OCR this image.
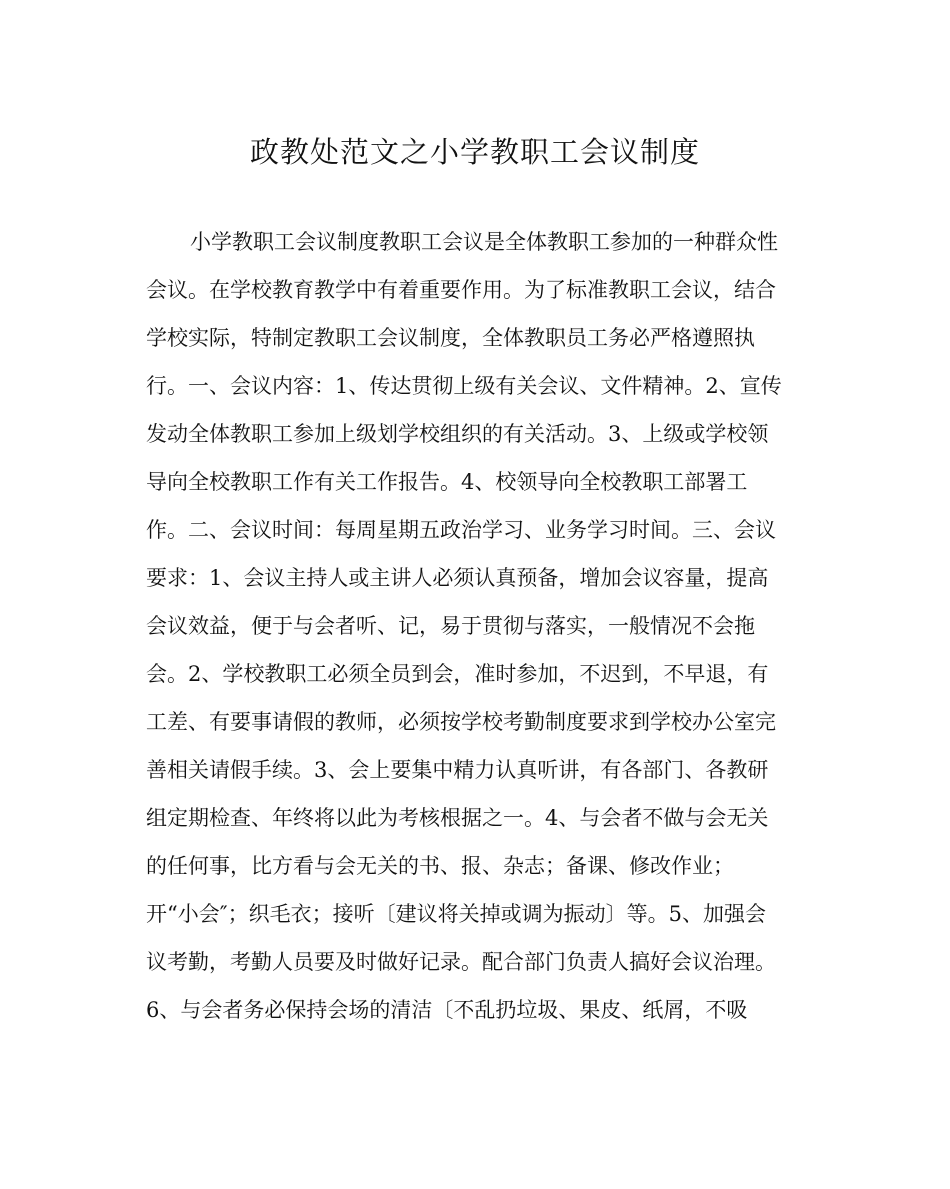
政教处范文之小学教职工会议制度
小学教职工会议制度教职工会议是全体教职工参加的一种群众性
会议。在学校教育教学中有着重要作用。为了标准教职工会议，结合
学校实际，特制定教职工会议制度，全体教职员工务必严格遵照执
行。一、会议内容：1、传达贯彻上级有关会议、文件精神。2、宣传
发动全体教职工参加上级划学校组织的有关活动。3、上级或学校领
导向全校教职工作有关工作报告。4、校领导向全校教职工部署工
作。二、会议时间：每周星期五政治学习、业务学习时间。三、会议
要求：1、会议主持人或主讲人必须认真预备，增加会议容量，提高
会议效益，便于与会者听、记，易于贯彻与落实，一般情况不会拖
会。2、学校教职工必须全员到会，准时参加，不迟到，不早退，有
工差、有要事请假的教师，必须按学校考勤制度要求到学校办公室完
善相关请假手续。3、会上要集中精力认真听讲，有各部门、各教研
组定期检查、年终将以此为考核根据之一。4、与会者不做与会无关
的任何事，比方看与会无关的书、报、杂志；备课、修改作业；
开“小会″；织毛衣；接听〔建议将关掉或调为振动〕等。5、加强会
议考勤，考勤人员要及时做好记录。配合部门负责人搞好会议治理。
6、与会者务必保持会场的清洁〔不乱扔垃圾、果皮、纸屑，不吸
